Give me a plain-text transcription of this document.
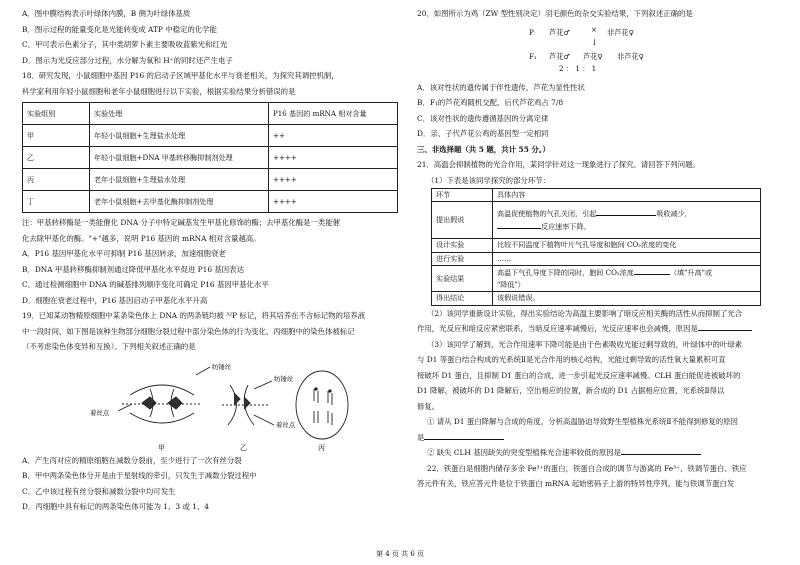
A．图中膜结构表示叶绿体内膜，B 侧为叶绿体基质
B．图示过程的能量变化是光能转变成 ATP 中稳定的化学能
C．甲可表示色素分子，其中类胡萝卜素主要吸收蓝紫光和红光
D．图示为光反应部分过程，水分解为氧和 H⁺的同时还产生电子
18．研究发现，小鼠细胞中基因 P16 的启动子区域甲基化水平与衰老相关，为探究其调控机制，
科学家利用年轻小鼠细胞和老年小鼠细胞进行以下实验，根据实验结果分析错误的是
实验组别	实验处理	P16 基因的 mRNA 相对含量
甲	年轻小鼠细胞+生理盐水处理	++
乙	年轻小鼠细胞+DNA 甲基转移酶抑制剂处理	++++
丙	老年小鼠细胞+生理盐水处理	++++
丁	老年小鼠细胞+去甲基化酶抑制剂处理	++++
注：甲基转移酶是一类能催化 DNA 分子中特定碱基发生甲基化修饰的酶；去甲基化酶是一类能催
化去除甲基化的酶。"+"越多，说明 P16 基因的 mRNA 相对含量越高。
A．P16 基因甲基化水平可抑制 P16 基因转录，加速细胞衰老
B．DNA 甲基转移酶抑制剂通过降低甲基化水平促进 P16 基因表达
C．通过检测细胞中 DNA 的碱基排列顺序变化可确定 P16 基因甲基化水平
D．细胞在衰老过程中，P16 基因启动子甲基化水平升高
19．已知某动物精原细胞中某条染色体上 DNA 的两条链均被 ³²P 标记，将其培养在不含标记物的培养液
中一段时间，如下图是该种生物部分细胞分裂过程中部分染色体的行为变化，丙细胞中的染色体被标记
（不考虑染色体变异和互换）。下列相关叙述正确的是
纺锤丝
着丝点
甲
纺锤丝
着丝点
乙	丙
A．产生丙对应的精原细胞在减数分裂前，至少进行了一次有丝分裂
B．甲中两条染色体分开是由于星射线的牵引，只发生于减数分裂过程中
C．乙中该过程有丝分裂和减数分裂中均可发生
D．丙细胞中具有标记的两条染色体可能为 1、3 或 1、4
20．如图所示为鸡（ZW 型性别决定）羽毛颜色的杂交实验结果，下列叙述正确的是
P 芦花♂	× 非芦花♀
↓
F₁ 芦花♂ 芦花♀ 非芦花♀
2 ： 1 ： 1
A．该对性状的遗传属于伴性遗传，芦花为显性性状
B．F₁的芦花鸡随机交配，后代芦花鸡占 7/8
C．该对性状的遗传遵循基因的分离定律
D．亲、子代芦花公鸡的基因型一定相同
三、非选择题（共 5 题，共计 55 分。）
21．高温会抑制植物的光合作用，某同学针对这一现象进行了探究。请回答下列问题。
（1）下表是该同学探究的部分环节：
环节	具体内容
提出假说	高温促使植物的气孔关闭，引起 吸收减少，
反应速率下降。
设计实验	比较不同温度下植物叶片气孔导度和胞间 CO₂浓度的变化
进行实验	……
实验结果	高温下气孔导度下降的同时，胞间 CO₂浓度 （填"升高"或
"降低"）
得出结论	该假说错误。
（2）该同学重新设计实验，得出实验结论为高温主要影响了暗反应相关酶的活性从而抑制了光合
作用，光反应和暗反应紧密联系，当暗反应速率减慢后，光反应速率也会减慢，原因是
（3）该同学了解到，光合作用速率下降可能是由于色素吸收光能过剩导致的，叶绿体中的叶绿素
与 D1 等蛋白结合构成的光系统Ⅱ是光合作用的核心结构，光能过剩导致的活性氧大量累积可直
接破坏 D1 蛋白，且抑制 D1 蛋白的合成，进一步引起光反应速率减慢。CLH 蛋白能促进被破坏的
D1 降解，被破坏的 D1 降解后，空出相应的位置，新合成的 D1 占据相应位置，光系统Ⅱ得以
修复。
① 请从 D1 蛋白降解与合成的角度，分析高温胁迫导致野生型植株光系统Ⅱ不能得到修复的原因
是
② 缺失 CLH 基因缺失的突变型植株光合速率较低的原因是
22．铁蛋白是细胞内储存多余 Fe³⁺的蛋白，铁蛋白合成的调节与游离的 Fe³⁺、铁调节蛋白、铁应
答元件有关，铁应答元件是位于铁蛋白 mRNA 起始密码子上游的特异性序列，能与铁调节蛋白发
第 4 页 共 6 页
